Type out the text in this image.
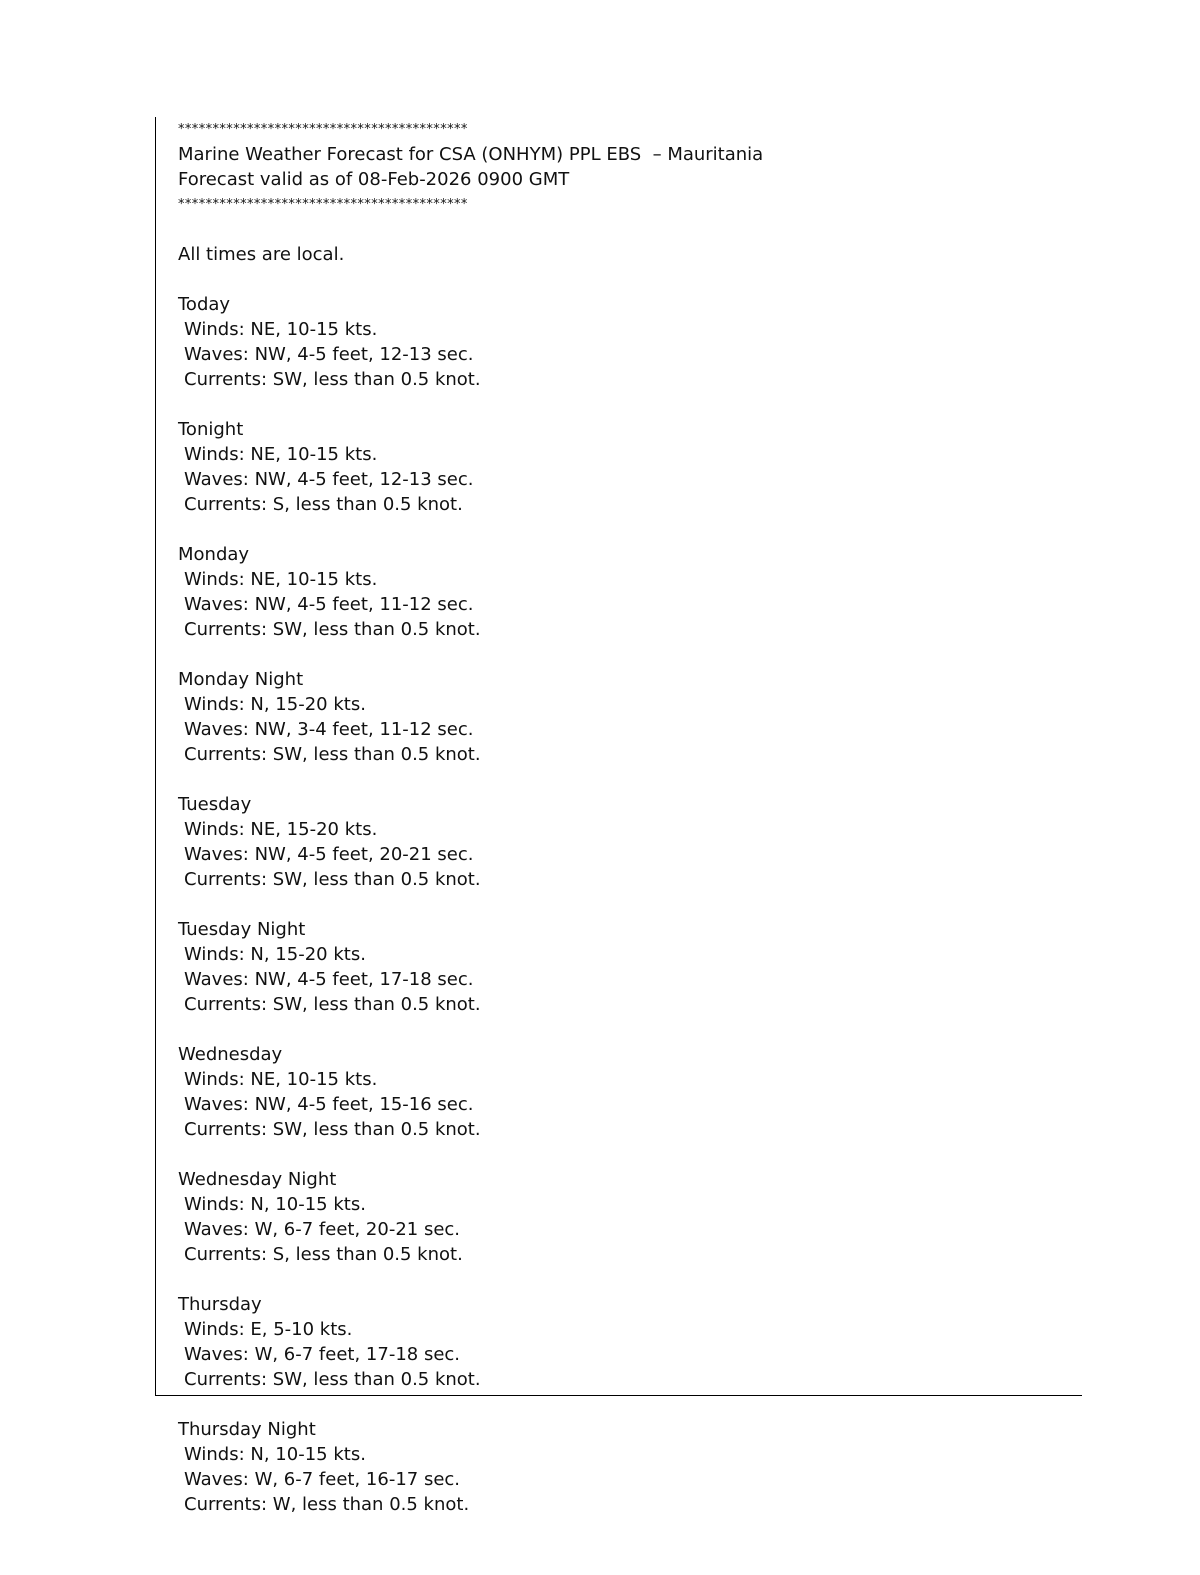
******************************************
Marine Weather Forecast for CSA (ONHYM) PPL EBS  – Mauritania
Forecast valid as of 08-Feb-2026 0900 GMT
******************************************
All times are local.
Today
Winds: NE, 10-15 kts.
Waves: NW, 4-5 feet, 12-13 sec.
Currents: SW, less than 0.5 knot.
Tonight
Winds: NE, 10-15 kts.
Waves: NW, 4-5 feet, 12-13 sec.
Currents: S, less than 0.5 knot.
Monday
Winds: NE, 10-15 kts.
Waves: NW, 4-5 feet, 11-12 sec.
Currents: SW, less than 0.5 knot.
Monday Night
Winds: N, 15-20 kts.
Waves: NW, 3-4 feet, 11-12 sec.
Currents: SW, less than 0.5 knot.
Tuesday
Winds: NE, 15-20 kts.
Waves: NW, 4-5 feet, 20-21 sec.
Currents: SW, less than 0.5 knot.
Tuesday Night
Winds: N, 15-20 kts.
Waves: NW, 4-5 feet, 17-18 sec.
Currents: SW, less than 0.5 knot.
Wednesday
Winds: NE, 10-15 kts.
Waves: NW, 4-5 feet, 15-16 sec.
Currents: SW, less than 0.5 knot.
Wednesday Night
Winds: N, 10-15 kts.
Waves: W, 6-7 feet, 20-21 sec.
Currents: S, less than 0.5 knot.
Thursday
Winds: E, 5-10 kts.
Waves: W, 6-7 feet, 17-18 sec.
Currents: SW, less than 0.5 knot.
Thursday Night
Winds: N, 10-15 kts.
Waves: W, 6-7 feet, 16-17 sec.
Currents: W, less than 0.5 knot.
